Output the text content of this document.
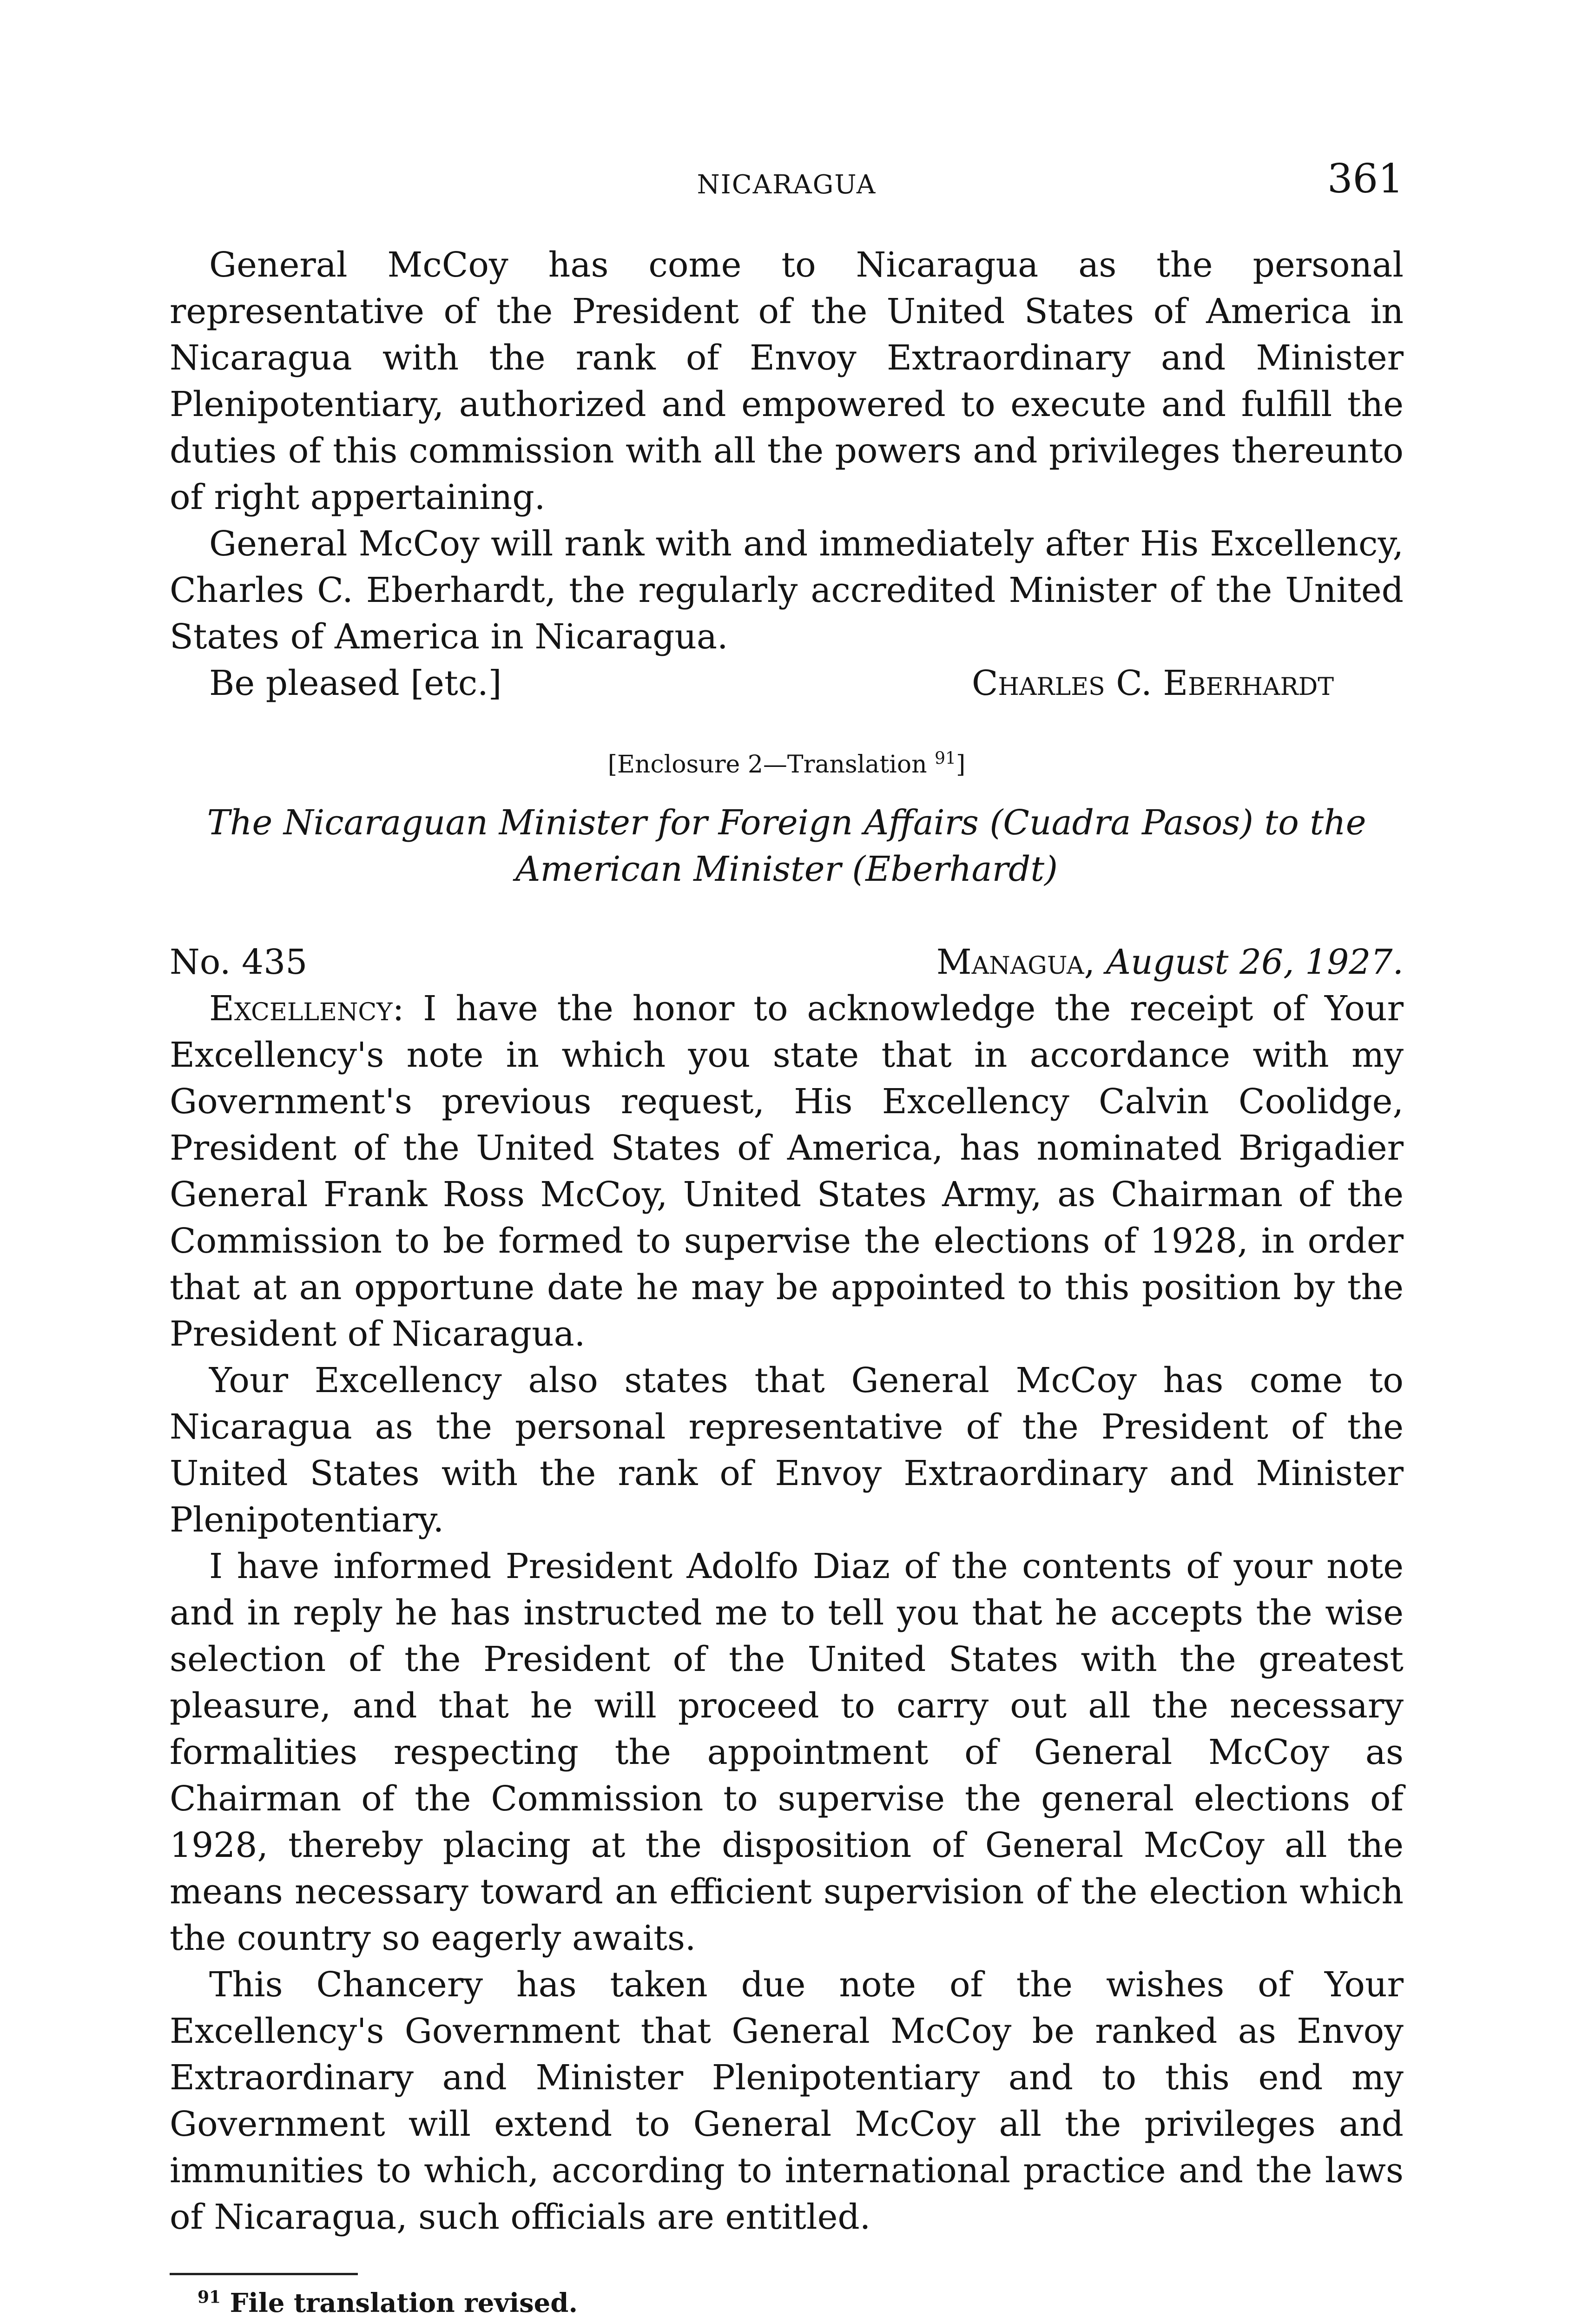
NICARAGUA	361

General McCoy has come to Nicaragua as the personal representative of the President of the United States of America in Nicaragua with the rank of Envoy Extraordinary and Minister Plenipotentiary, authorized and empowered to execute and fulfill the duties of this commission with all the powers and privileges thereunto of right appertaining.

General McCoy will rank with and immediately after His Excellency, Charles C. Eberhardt, the regularly accredited Minister of the United States of America in Nicaragua.

Be pleased [etc.]	Charles C. Eberhardt
[Enclosure 2—Translation $^{91}$]
The Nicaraguan Minister for Foreign Affairs (Cuadra Pasos) to the
American Minister (Eberhardt)
No. 435	Managua, August 26, 1927.

Excellency: I have the honor to acknowledge the receipt of Your Excellency's note in which you state that in accordance with my Government's previous request, His Excellency Calvin Coolidge, President of the United States of America, has nominated Brigadier General Frank Ross McCoy, United States Army, as Chairman of the Commission to be formed to supervise the elections of 1928, in order that at an opportune date he may be appointed to this position by the President of Nicaragua.

Your Excellency also states that General McCoy has come to Nicaragua as the personal representative of the President of the United States with the rank of Envoy Extraordinary and Minister Plenipotentiary.

I have informed President Adolfo Diaz of the contents of your note and in reply he has instructed me to tell you that he accepts the wise selection of the President of the United States with the greatest pleasure, and that he will proceed to carry out all the necessary formalities respecting the appointment of General McCoy as Chairman of the Commission to supervise the general elections of 1928, thereby placing at the disposition of General McCoy all the means necessary toward an efficient supervision of the election which the country so eagerly awaits.

This Chancery has taken due note of the wishes of Your Excellency's Government that General McCoy be ranked as Envoy Extraordinary and Minister Plenipotentiary and to this end my Government will extend to General McCoy all the privileges and immunities to which, according to international practice and the laws of Nicaragua, such officials are entitled.

$^{91}$ File translation revised.
